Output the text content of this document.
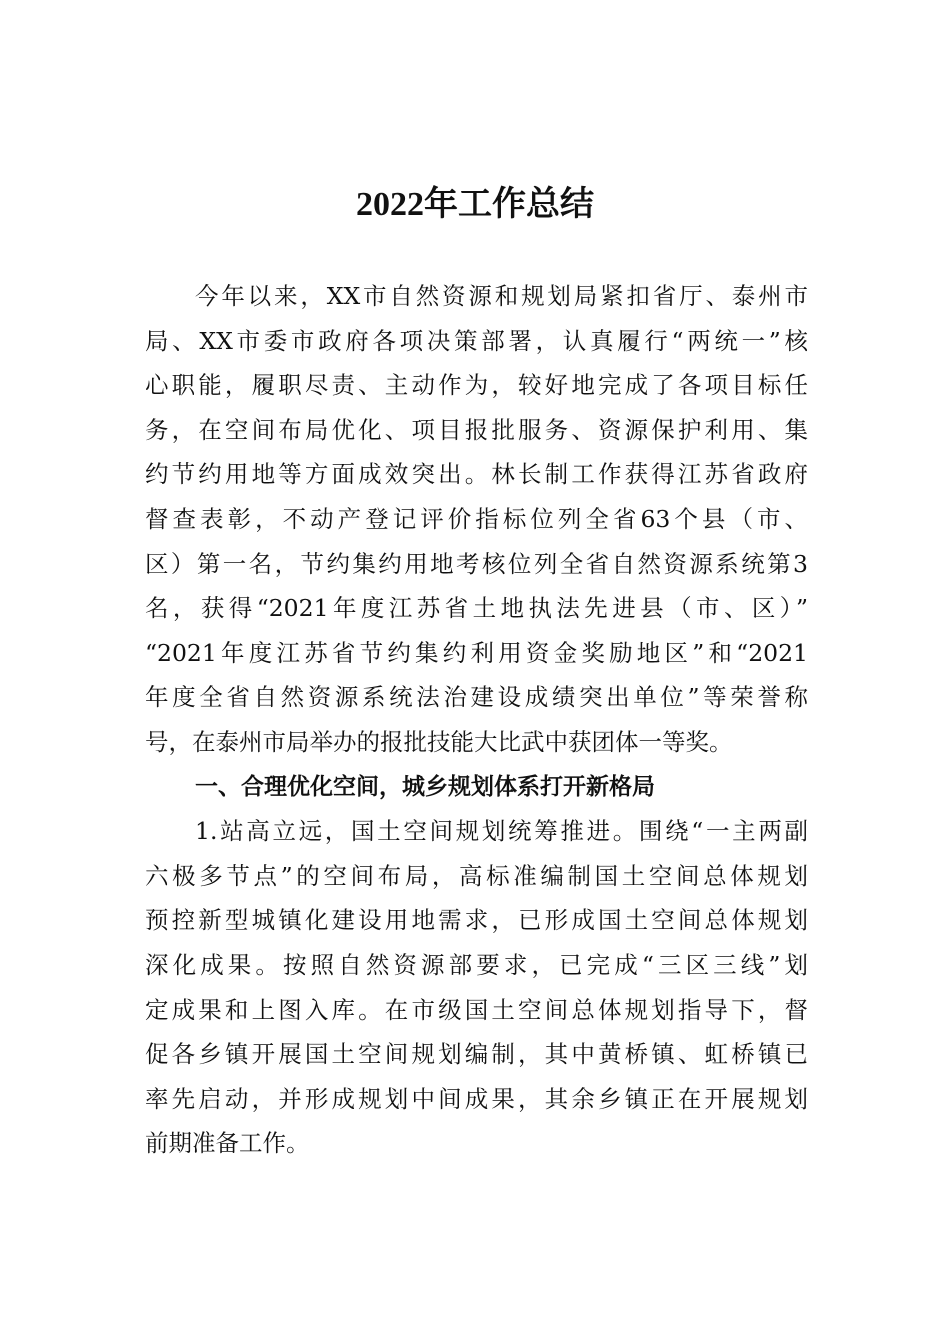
2022年工作总结
今年以来，XX市自然资源和规划局紧扣省厅、泰州市
局、XX市委市政府各项决策部署，认真履行“两统一”核
心职能，履职尽责、主动作为，较好地完成了各项目标任
务，在空间布局优化、项目报批服务、资源保护利用、集
约节约用地等方面成效突出。林长制工作获得江苏省政府
督查表彰，不动产登记评价指标位列全省63个县（市、
区）第一名，节约集约用地考核位列全省自然资源系统第3
名，获得“2021年度江苏省土地执法先进县（市、区）”
“2021年度江苏省节约集约利用资金奖励地区”和“2021
年度全省自然资源系统法治建设成绩突出单位”等荣誉称
号，在泰州市局举办的报批技能大比武中获团体一等奖。
一、合理优化空间，城乡规划体系打开新格局
1.站高立远，国土空间规划统筹推进。围绕“一主两副
六极多节点”的空间布局，高标准编制国土空间总体规划
预控新型城镇化建设用地需求，已形成国土空间总体规划
深化成果。按照自然资源部要求，已完成“三区三线”划
定成果和上图入库。在市级国土空间总体规划指导下，督
促各乡镇开展国土空间规划编制，其中黄桥镇、虹桥镇已
率先启动，并形成规划中间成果，其余乡镇正在开展规划
前期准备工作。
